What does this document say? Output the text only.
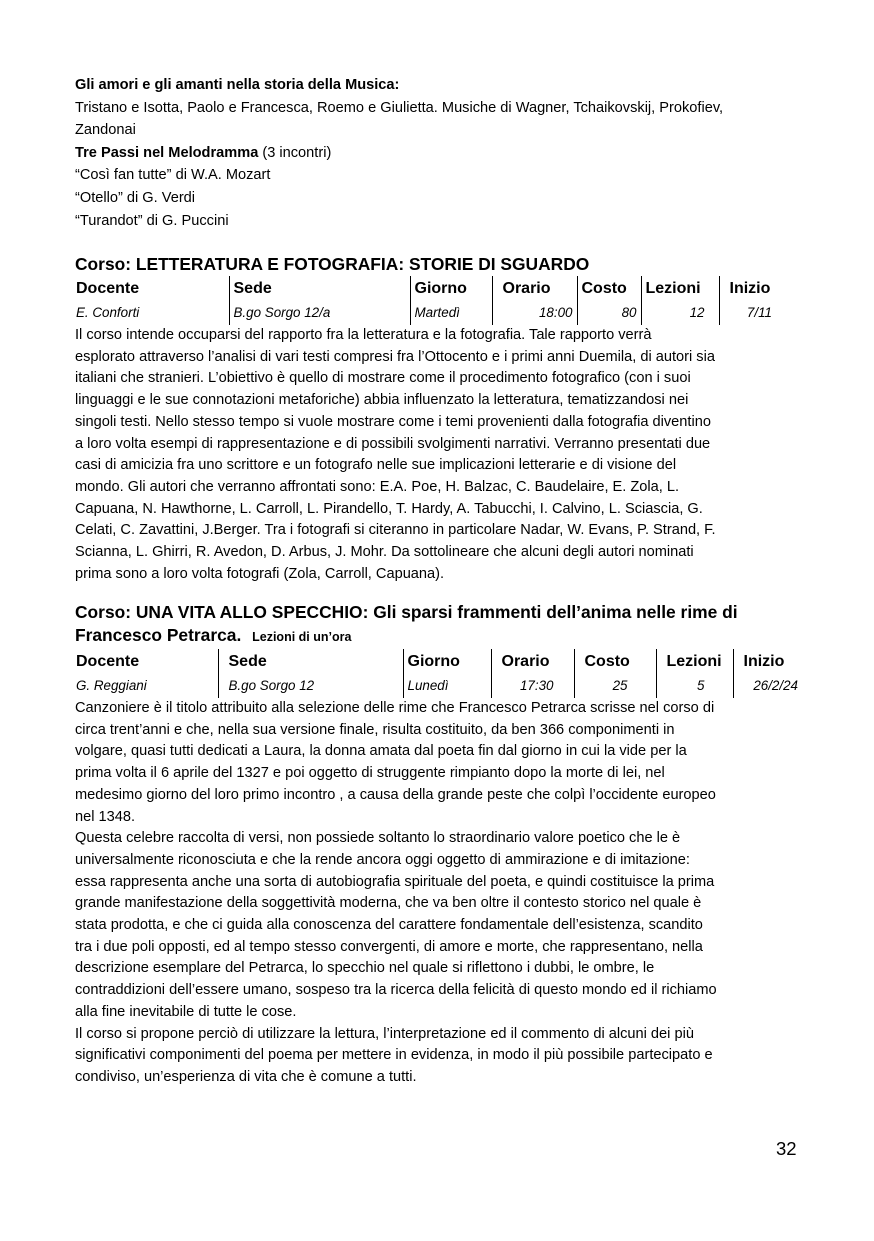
Gli amori e gli amanti nella storia della Musica:
Tristano e Isotta, Paolo e Francesca, Roemo e Giulietta. Musiche di Wagner, Tchaikovskij, Prokofiev,
Zandonai
Tre Passi nel Melodramma (3 incontri)
“Così fan tutte” di W.A. Mozart
“Otello” di G. Verdi
“Turandot” di G. Puccini
Corso: LETTERATURA E FOTOGRAFIA: STORIE DI SGUARDO
Docente	Sede	Giorno	Orario	Costo	Lezioni	Inizio
E. Conforti	B.go Sorgo 12/a	Martedì	18:00	80	12	7/11
Il corso intende occuparsi del rapporto fra la letteratura e la fotografia. Tale rapporto verrà
esplorato attraverso l’analisi di vari testi compresi fra l’Ottocento e i primi anni Duemila, di autori sia
italiani che stranieri. L’obiettivo è quello di mostrare come il procedimento fotografico (con i suoi
linguaggi e le sue connotazioni metaforiche) abbia influenzato la letteratura, tematizzandosi nei
singoli testi. Nello stesso tempo si vuole mostrare come i temi provenienti dalla fotografia diventino
a loro volta esempi di rappresentazione e di possibili svolgimenti narrativi. Verranno presentati due
casi di amicizia fra uno scrittore e un fotografo nelle sue implicazioni letterarie e di visione del
mondo. Gli autori che verranno affrontati sono: E.A. Poe, H. Balzac, C. Baudelaire, E. Zola, L.
Capuana, N. Hawthorne, L. Carroll, L. Pirandello, T. Hardy, A. Tabucchi, I. Calvino, L. Sciascia, G.
Celati, C. Zavattini, J.Berger. Tra i fotografi si citeranno in particolare Nadar, W. Evans, P. Strand, F.
Scianna, L. Ghirri, R. Avedon, D. Arbus, J. Mohr. Da sottolineare che alcuni degli autori nominati
prima sono a loro volta fotografi (Zola, Carroll, Capuana).
Corso: UNA VITA ALLO SPECCHIO: Gli sparsi frammenti dell’anima nelle rime di
Francesco Petrarca. Lezioni di un’ora
Docente	Sede	Giorno	Orario	Costo	Lezioni	Inizio
G. Reggiani	B.go Sorgo 12	Lunedì	17:30	25	5	26/2/24
Canzoniere è il titolo attribuito alla selezione delle rime che Francesco Petrarca scrisse nel corso di
circa trent’anni e che, nella sua versione finale, risulta costituito, da ben 366 componimenti in
volgare, quasi tutti dedicati a Laura, la donna amata dal poeta fin dal giorno in cui la vide per la
prima volta il 6 aprile del 1327 e poi oggetto di struggente rimpianto dopo la morte di lei, nel
medesimo giorno del loro primo incontro , a causa della grande peste che colpì l’occidente europeo
nel 1348.
Questa celebre raccolta di versi, non possiede soltanto lo straordinario valore poetico che le è
universalmente riconosciuta e che la rende ancora oggi oggetto di ammirazione e di imitazione:
essa rappresenta anche una sorta di autobiografia spirituale del poeta, e quindi costituisce la prima
grande manifestazione della soggettività moderna, che va ben oltre il contesto storico nel quale è
stata prodotta, e che ci guida alla conoscenza del carattere fondamentale dell’esistenza, scandito
tra i due poli opposti, ed al tempo stesso convergenti, di amore e morte, che rappresentano, nella
descrizione esemplare del Petrarca, lo specchio nel quale si riflettono i dubbi, le ombre, le
contraddizioni dell’essere umano, sospeso tra la ricerca della felicità di questo mondo ed il richiamo
alla fine inevitabile di tutte le cose.
Il corso si propone perciò di utilizzare la lettura, l’interpretazione ed il commento di alcuni dei più
significativi componimenti del poema per mettere in evidenza, in modo il più possibile partecipato e
condiviso, un’esperienza di vita che è comune a tutti.
32
